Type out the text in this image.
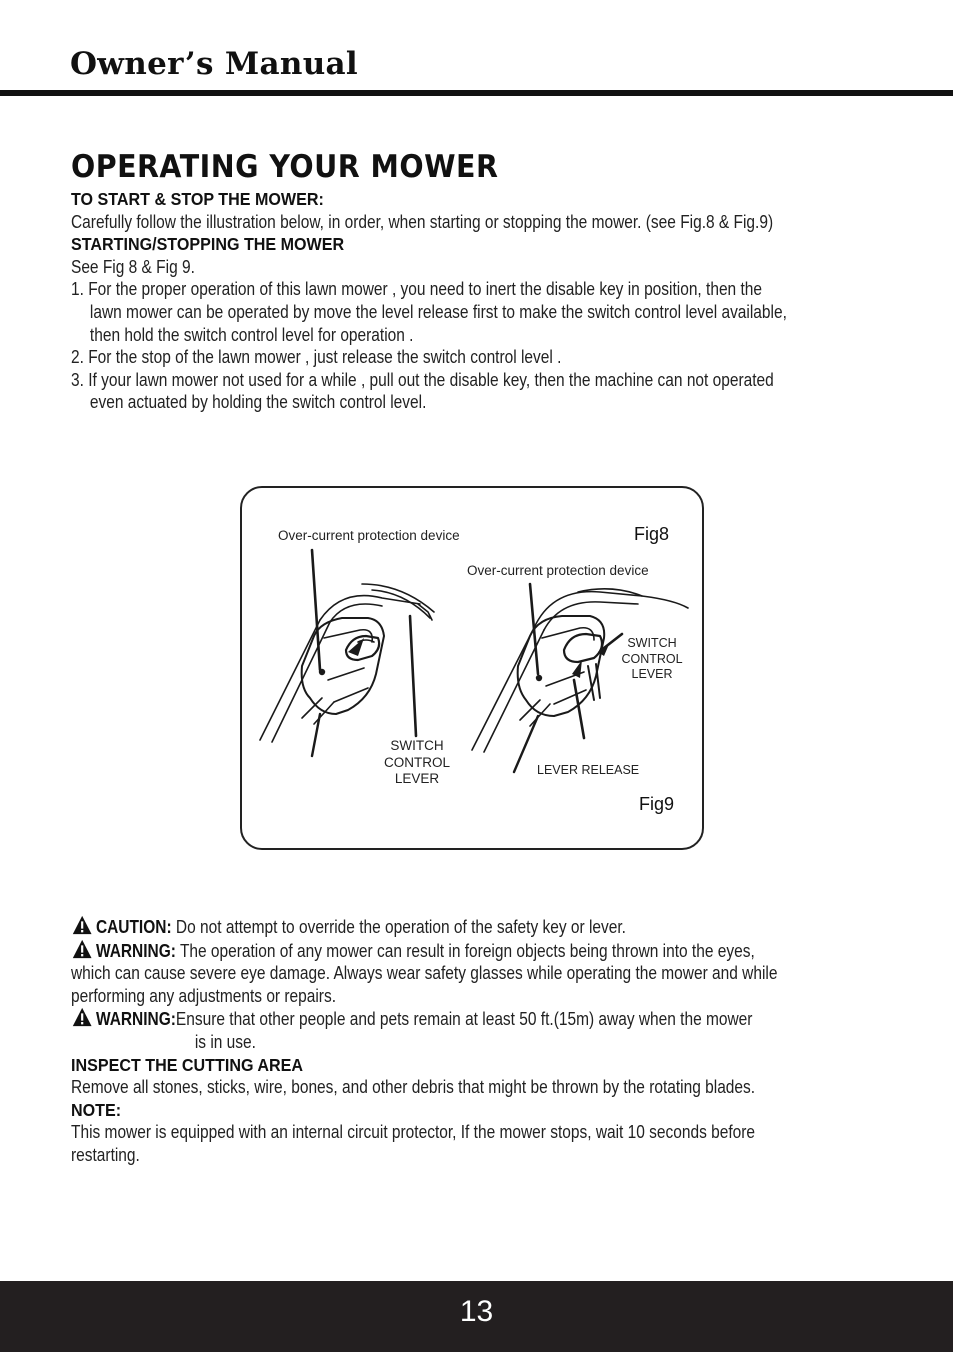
Owner’s Manual
OPERATING YOUR MOWER

TO START & STOP THE MOWER:

Carefully follow the illustration below, in order, when starting or stopping the mower. (see Fig.8 & Fig.9)

STARTING/STOPPING THE MOWER

See Fig 8 & Fig 9.

1. For the proper operation of this lawn mower , you need to inert the disable key in position, then the

lawn mower can be operated by move the level release first to make the switch control level available,

then hold the switch control level for operation .

2. For the stop of the lawn mower , just release the switch control level .

3. If your lawn mower not used for a while , pull out the disable key, then the machine can not operated

even actuated by holding the switch control level.

Over-current protection device	Fig8
Over-current protection device
SWITCH
CONTROL
LEVER
SWITCH
CONTROL
LEVER
LEVER RELEASE
Fig9

CAUTION: Do not attempt to override the operation of the safety key or lever.

WARNING: The operation of any mower can result in foreign objects being thrown into the eyes,

which can cause severe eye damage. Always wear safety glasses while operating the mower and while

performing any adjustments or repairs.

WARNING:Ensure that other people and pets remain at least 50 ft.(15m) away when the mower

is in use.

INSPECT THE CUTTING AREA

Remove all stones, sticks, wire, bones, and other debris that might be thrown by the rotating blades.

NOTE:

This mower is equipped with an internal circuit protector, If the mower stops, wait 10 seconds before

restarting.

13
